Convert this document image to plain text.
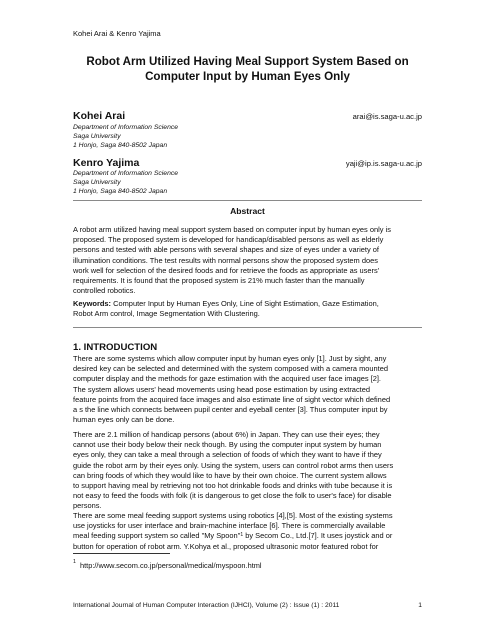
Kohei Arai & Kenro Yajima
Robot Arm Utilized Having Meal Support System Based on
Computer Input by Human Eyes Only
Kohei Arai	arai@is.saga-u.ac.jp
Department of Information Science
Saga University
1 Honjo, Saga 840-8502 Japan
Kenro Yajima	yaji@ip.is.saga-u.ac.jp
Department of Information Science
Saga University
1 Honjo, Saga 840-8502 Japan
Abstract
A robot arm utilized having meal support system based on computer input by human eyes only is
proposed. The proposed system is developed for handicap/disabled persons as well as elderly
persons and tested with able persons with several shapes and size of eyes under a variety of
illumination conditions. The test results with normal persons show the proposed system does
work well for selection of the desired foods and for retrieve the foods as appropriate as users'
requirements. It is found that the proposed system is 21% much faster than the manually
controlled robotics.
Keywords: Computer Input by Human Eyes Only, Line of Sight Estimation, Gaze Estimation,
Robot Arm control, Image Segmentation With Clustering.
1. INTRODUCTION
There are some systems which allow computer input by human eyes only [1]. Just by sight, any
desired key can be selected and determined with the system composed with a camera mounted
computer display and the methods for gaze estimation with the acquired user face images [2].
The system allows users' head movements using head pose estimation by using extracted
feature points from the acquired face images and also estimate line of sight vector which defined
a s the line which connects between pupil center and eyeball center [3]. Thus computer input by
human eyes only can be done.
There are 2.1 million of handicap persons (about 6%) in Japan. They can use their eyes; they
cannot use their body below their neck though. By using the computer input system by human
eyes only, they can take a meal through a selection of foods of which they want to have if they
guide the robot arm by their eyes only. Using the system, users can control robot arms then users
can bring foods of which they would like to have by their own choice. The current system allows
to support having meal by retrieving not too hot drinkable foods and drinks with tube because it is
not easy to feed the foods with folk (it is dangerous to get close the folk to user's face) for disable
persons.
There are some meal feeding support systems using robotics [4],[5]. Most of the existing systems
use joysticks for user interface and brain-machine interface [6]. There is commercially available
meal feeding support system so called "My Spoon"$^1$ by Secom Co., Ltd.[7]. It uses joystick and or
button for operation of robot arm. Y.Kohya et al., proposed ultrasonic motor featured robot for
$^1$ http://www.secom.co.jp/personal/medical/myspoon.html
International Journal of Human Computer Interaction (IJHCI), Volume (2) : Issue (1) : 2011	1
